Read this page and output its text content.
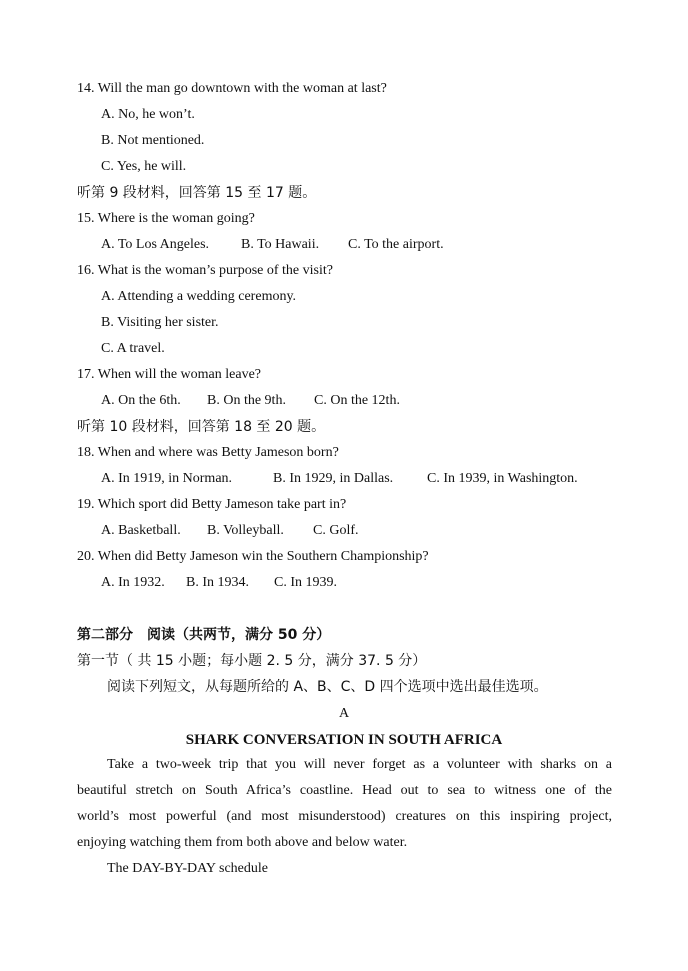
14. Will the man go downtown with the woman at last?
A. No, he won’t.
B. Not mentioned.
C. Yes, he will.
听第 9 段材料，回答第 15 至 17 题。
15. Where is the woman going?
A. To Los Angeles. B. To Hawaii. C. To the airport.
16. What is the woman’s purpose of the visit?
A. Attending a wedding ceremony.
B. Visiting her sister.
C. A travel.
17. When will the woman leave?
A. On the 6th. B. On the 9th. C. On the 12th.
听第 10 段材料，回答第 18 至 20 题。
18. When and where was Betty Jameson born?
A. In 1919, in Norman.	B. In 1929, in Dallas. C. In 1939, in Washington.
19. Which sport did Betty Jameson take part in?
A. Basketball. B. Volleyball. C. Golf.
20. When did Betty Jameson win the Southern Championship?
A. In 1932. B. In 1934. C. In 1939.
第二部分　阅读（共两节，满分 50 分）
第一节（ 共 15 小题；每小题 2. 5 分，满分 37. 5 分）
阅读下列短文，从每题所给的 A、B、C、D 四个选项中选出最佳选项。
A
SHARK CONVERSATION IN SOUTH AFRICA
Take a two-week trip that you will never forget as a volunteer with sharks on a
beautiful stretch on South Africa’s coastline. Head out to sea to witness one of the
world’s most powerful (and most misunderstood) creatures on this inspiring project,
enjoying watching them from both above and below water.
The DAY-BY-DAY schedule
